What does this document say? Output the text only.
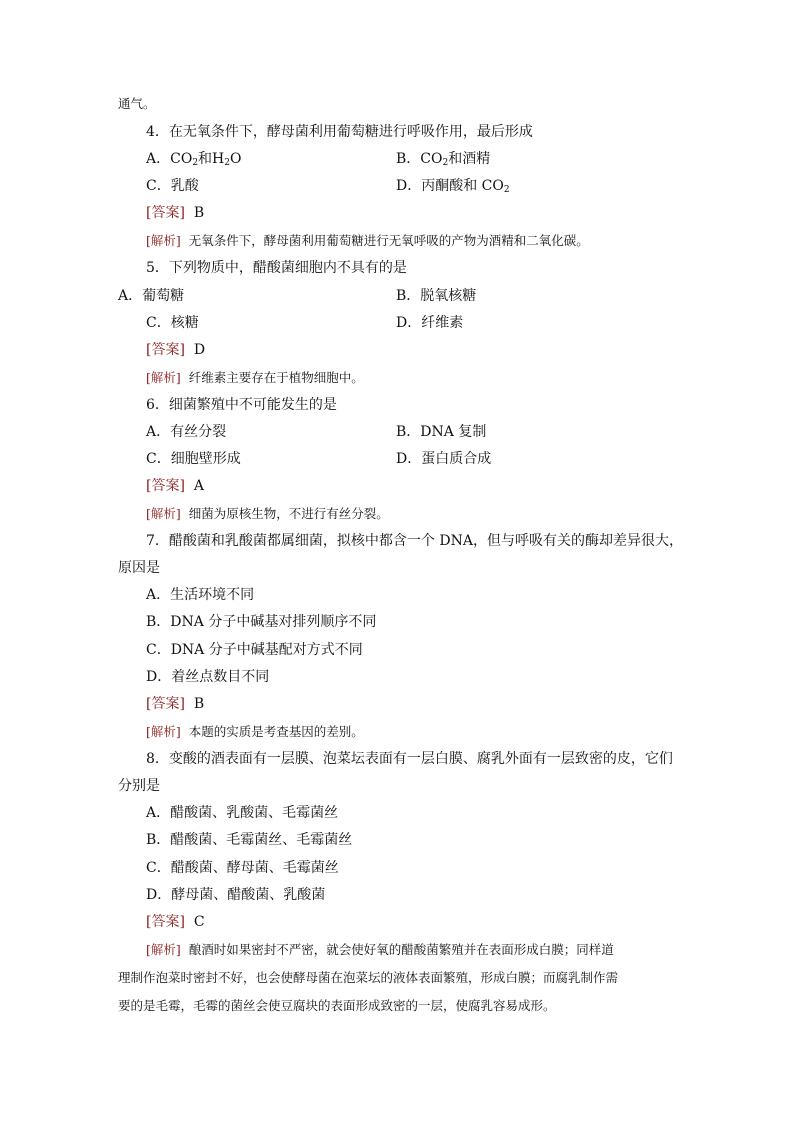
通气。
4．在无氧条件下，酵母菌利用葡萄糖进行呼吸作用，最后形成
A．$CO_2$和$H_2O$	B．$CO_2$和酒精
C．乳酸	D．丙酮酸和 $CO_2$
[答案] B
[解析] 无氧条件下，酵母菌利用葡萄糖进行无氧呼吸的产物为酒精和二氧化碳。
5．下列物质中，醋酸菌细胞内不具有的是
A．葡萄糖	B．脱氧核糖
C．核糖	D．纤维素
[答案] D
[解析] 纤维素主要存在于植物细胞中。
6．细菌繁殖中不可能发生的是
A．有丝分裂	B．DNA 复制
C．细胞壁形成	D．蛋白质合成
[答案] A
[解析] 细菌为原核生物，不进行有丝分裂。
7．醋酸菌和乳酸菌都属细菌，拟核中都含一个 DNA，但与呼吸有关的酶却差异很大，
原因是
A．生活环境不同
B．DNA 分子中碱基对排列顺序不同
C．DNA 分子中碱基配对方式不同
D．着丝点数目不同
[答案] B
[解析] 本题的实质是考查基因的差别。
8．变酸的酒表面有一层膜、泡菜坛表面有一层白膜、腐乳外面有一层致密的皮，它们
分别是
A．醋酸菌、乳酸菌、毛霉菌丝
B．醋酸菌、毛霉菌丝、毛霉菌丝
C．醋酸菌、酵母菌、毛霉菌丝
D．酵母菌、醋酸菌、乳酸菌
[答案] C
[解析] 酿酒时如果密封不严密，就会使好氧的醋酸菌繁殖并在表面形成白膜；同样道
理制作泡菜时密封不好，也会使酵母菌在泡菜坛的液体表面繁殖，形成白膜；而腐乳制作需
要的是毛霉，毛霉的菌丝会使豆腐块的表面形成致密的一层，使腐乳容易成形。
